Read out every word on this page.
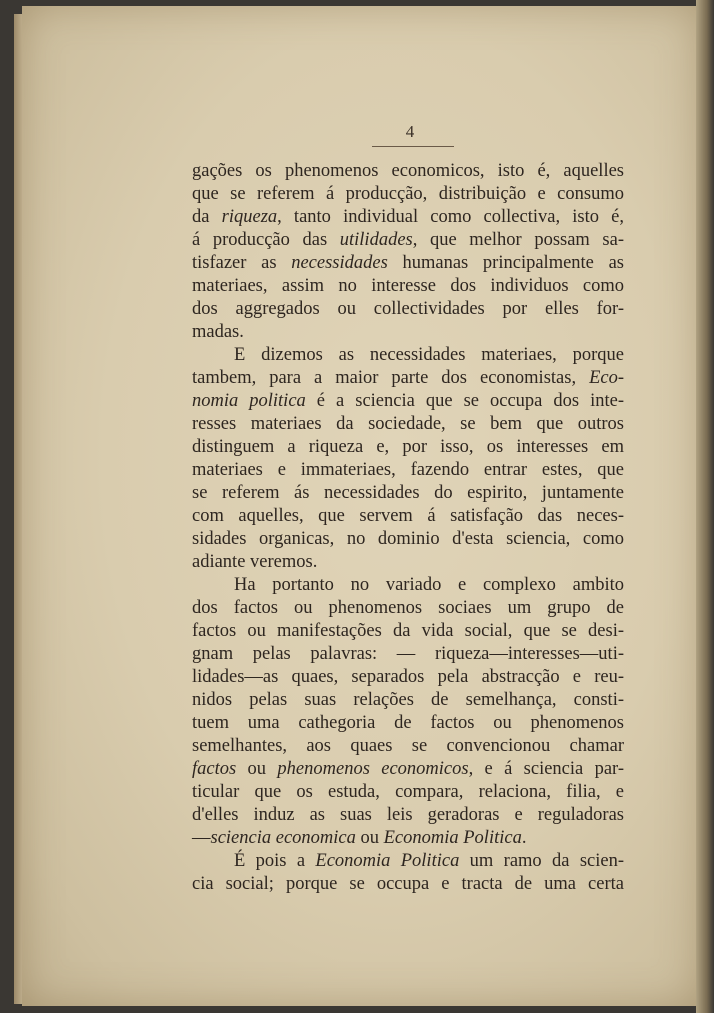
4
gações os phenomenos economicos, isto é, aquelles
que se referem á producção, distribuição e consumo
da riqueza, tanto individual como collectiva, isto é,
á producção das utilidades, que melhor possam sa-
tisfazer as necessidades humanas principalmente as
materiaes, assim no interesse dos individuos como
dos aggregados ou collectividades por elles for-
madas.
E dizemos as necessidades materiaes, porque
tambem, para a maior parte dos economistas, Eco-
nomia politica é a sciencia que se occupa dos inte-
resses materiaes da sociedade, se bem que outros
distinguem a riqueza e, por isso, os interesses em
materiaes e immateriaes, fazendo entrar estes, que
se referem ás necessidades do espirito, juntamente
com aquelles, que servem á satisfação das neces-
sidades organicas, no dominio d'esta sciencia, como
adiante veremos.
Ha portanto no variado e complexo ambito
dos factos ou phenomenos sociaes um grupo de
factos ou manifestações da vida social, que se desi-
gnam pelas palavras: — riqueza—interesses—uti-
lidades—as quaes, separados pela abstracção e reu-
nidos pelas suas relações de semelhança, consti-
tuem uma cathegoria de factos ou phenomenos
semelhantes, aos quaes se convencionou chamar
factos ou phenomenos economicos, e á sciencia par-
ticular que os estuda, compara, relaciona, filia, e
d'elles induz as suas leis geradoras e reguladoras
—sciencia economica ou Economia Politica.
É pois a Economia Politica um ramo da scien-
cia social; porque se occupa e tracta de uma certa
